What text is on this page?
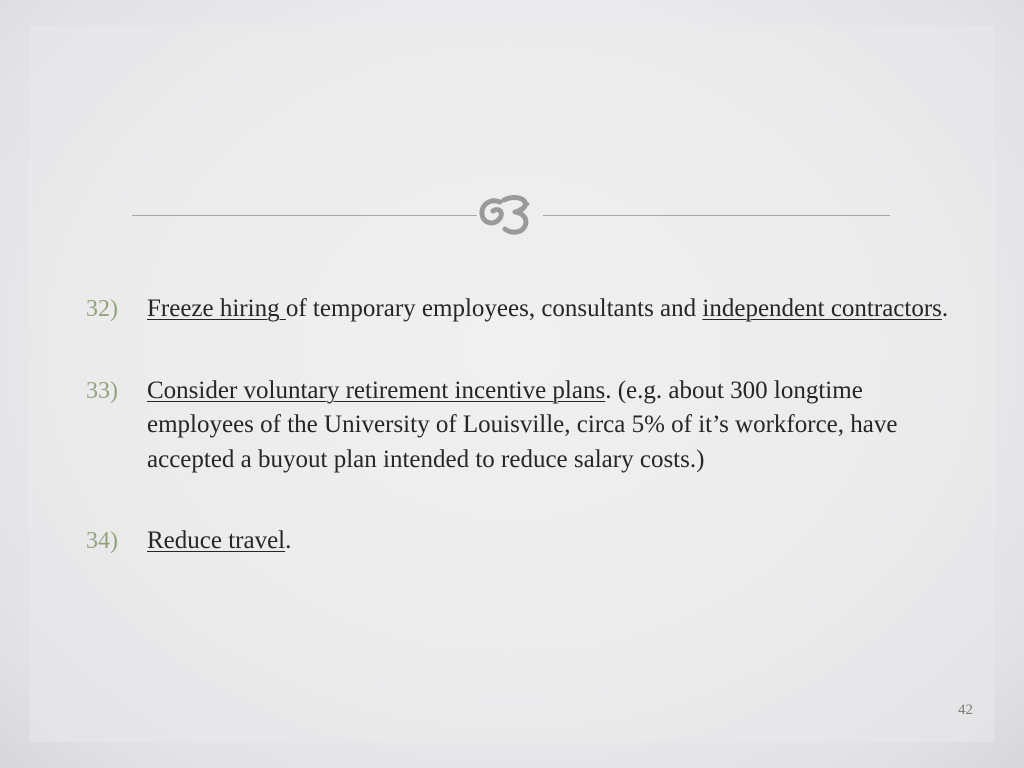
32) Freeze hiring of temporary employees, consultants and independent contractors.
33) Consider voluntary retirement incentive plans. (e.g. about 300 longtime employees of the University of Louisville, circa 5% of it’s workforce, have accepted a buyout plan intended to reduce salary costs.)
34) Reduce travel.
42
